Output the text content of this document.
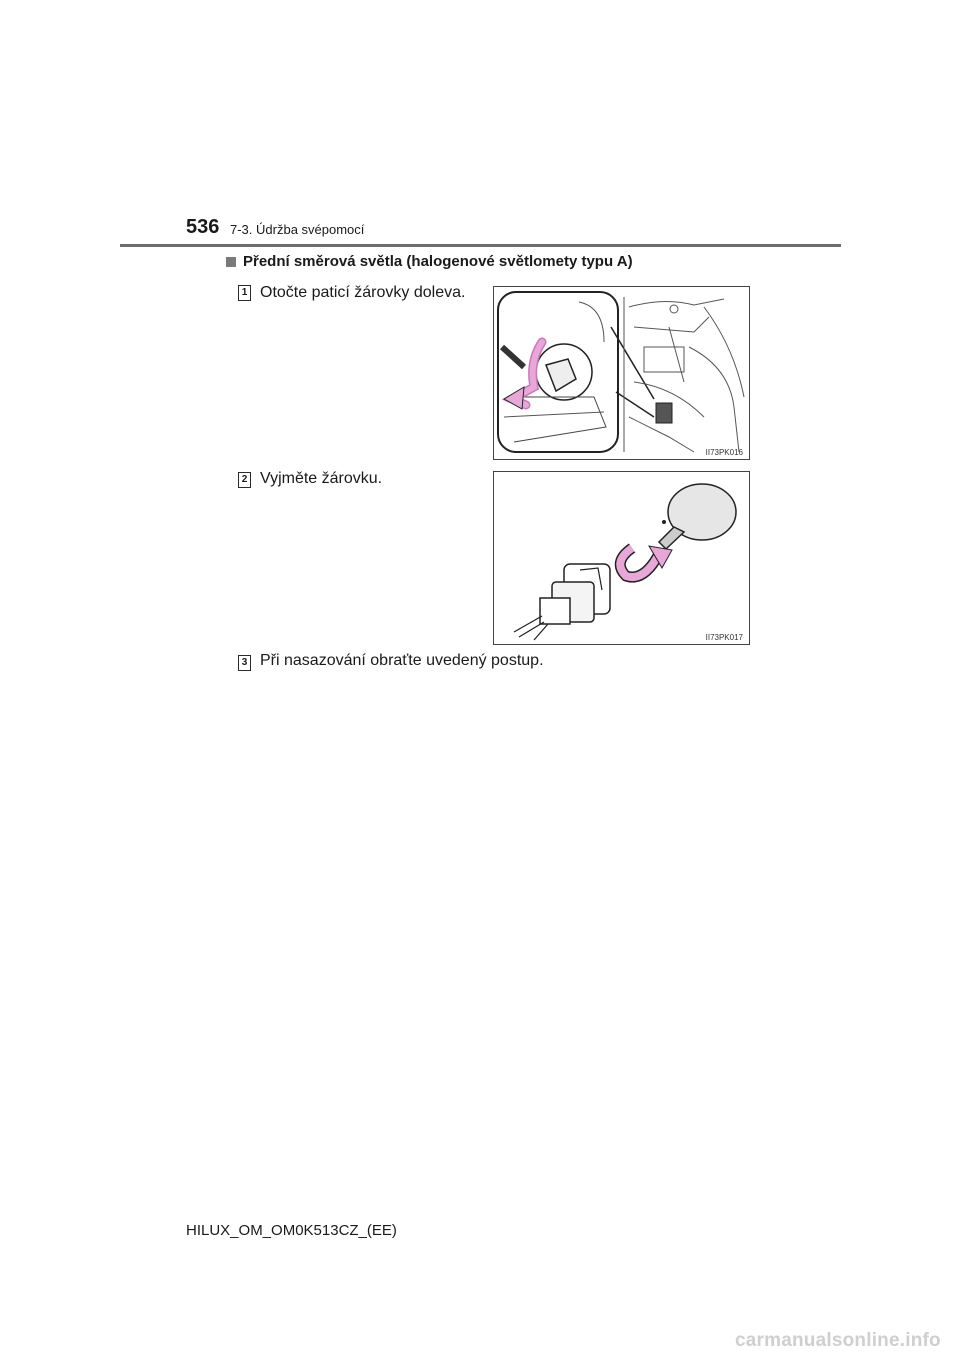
536 7-3. Údržba svépomocí
Přední směrová světla (halogenové světlomety typu A)
1 Otočte paticí žárovky doleva.
II73PK016
2 Vyjměte žárovku.
II73PK017
3 Při nasazování obraťte uvedený postup.
HILUX_OM_OM0K513CZ_(EE)
carmanualsonline.info
